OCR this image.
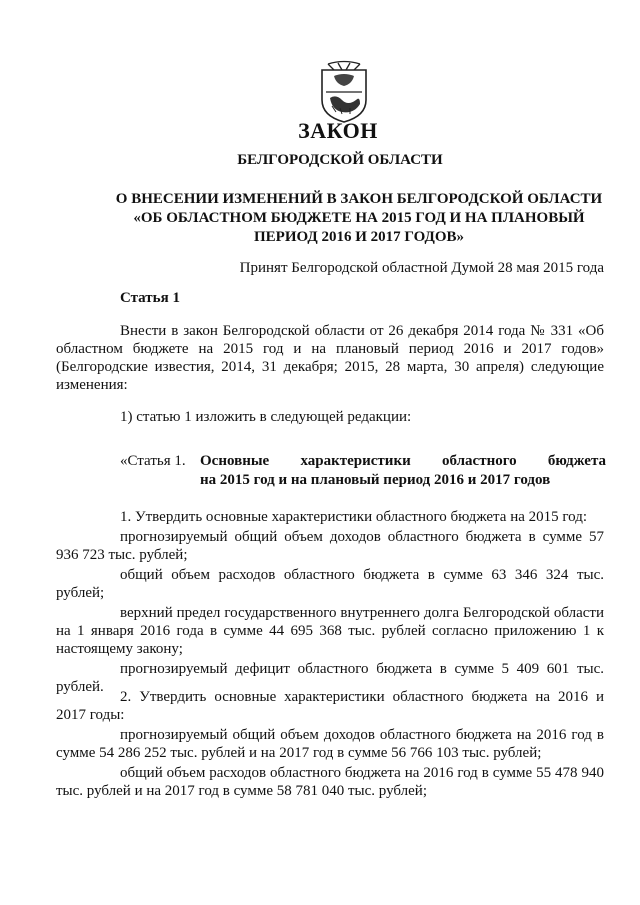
ЗАКОН
БЕЛГОРОДСКОЙ ОБЛАСТИ
О ВНЕСЕНИИ ИЗМЕНЕНИЙ В ЗАКОН БЕЛГОРОДСКОЙ ОБЛАСТИ
«ОБ ОБЛАСТНОМ БЮДЖЕТЕ НА 2015 ГОД И НА ПЛАНОВЫЙ
ПЕРИОД 2016 И 2017 ГОДОВ»
Принят Белгородской областной Думой 28 мая 2015 года
Статья 1

Внести в закон Белгородской области от 26 декабря 2014 года № 331 «Об областном бюджете на 2015 год и на плановый период 2016 и 2017 годов» (Белгородские известия, 2014, 31 декабря; 2015, 28 марта, 30 апреля) следующие изменения:

1) статью 1 изложить в следующей редакции:

«Статья 1. Основные характеристики областного бюджета
на 2015 год и на плановый период 2016 и 2017 годов

1. Утвердить основные характеристики областного бюджета на 2015 год:

прогнозируемый общий объем доходов областного бюджета в сумме 57 936 723 тыс. рублей;

общий объем расходов областного бюджета в сумме 63 346 324 тыс. рублей;

верхний предел государственного внутреннего долга Белгородской области на 1 января 2016 года в сумме 44 695 368 тыс. рублей согласно приложению 1 к настоящему закону;

прогнозируемый дефицит областного бюджета в сумме 5 409 601 тыс. рублей.

2. Утвердить основные характеристики областного бюджета на 2016 и 2017 годы:

прогнозируемый общий объем доходов областного бюджета на 2016 год в сумме 54 286 252 тыс. рублей и на 2017 год в сумме 56 766 103 тыс. рублей;

общий объем расходов областного бюджета на 2016 год в сумме 55 478 940 тыс. рублей и на 2017 год в сумме 58 781 040 тыс. рублей;
